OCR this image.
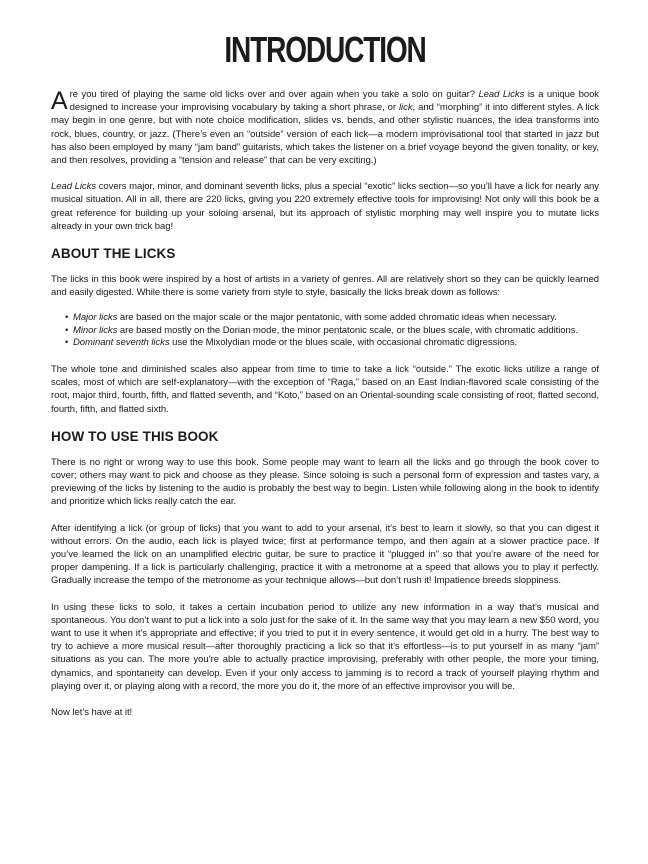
INTRODUCTION

Are you tired of playing the same old licks over and over again when you take a solo on guitar? Lead Licks is a unique book designed to increase your improvising vocabulary by taking a short phrase, or lick, and “morphing” it into different styles. A lick may begin in one genre, but with note choice modification, slides vs. bends, and other stylistic nuances, the idea transforms into rock, blues, country, or jazz. (There’s even an “outside” version of each lick—a modern improvisational tool that started in jazz but has also been employed by many “jam band” guitarists, which takes the listener on a brief voyage beyond the given tonality, or key, and then resolves, providing a “tension and release” that can be very exciting.)

Lead Licks covers major, minor, and dominant seventh licks, plus a special “exotic” licks section—so you’ll have a lick for nearly any musical situation. All in all, there are 220 licks, giving you 220 extremely effective tools for improvising! Not only will this book be a great reference for building up your soloing arsenal, but its approach of stylistic morphing may well inspire you to mutate licks already in your own trick bag!

ABOUT THE LICKS

The licks in this book were inspired by a host of artists in a variety of genres. All are relatively short so they can be quickly learned and easily digested. While there is some variety from style to style, basically the licks break down as follows:

• Major licks are based on the major scale or the major pentatonic, with some added chromatic ideas when necessary.
• Minor licks are based mostly on the Dorian mode, the minor pentatonic scale, or the blues scale, with chromatic additions.
• Dominant seventh licks use the Mixolydian mode or the blues scale, with occasional chromatic digressions.

The whole tone and diminished scales also appear from time to time to take a lick “outside.” The exotic licks utilize a range of scales, most of which are self-explanatory—with the exception of “Raga,” based on an East Indian-flavored scale consisting of the root, major third, fourth, fifth, and flatted seventh, and “Koto,” based on an Oriental-sounding scale consisting of root, flatted second, fourth, fifth, and flatted sixth.

HOW TO USE THIS BOOK

There is no right or wrong way to use this book. Some people may want to learn all the licks and go through the book cover to cover; others may want to pick and choose as they please. Since soloing is such a personal form of expression and tastes vary, a previewing of the licks by listening to the audio is probably the best way to begin. Listen while following along in the book to identify and prioritize which licks really catch the ear.

After identifying a lick (or group of licks) that you want to add to your arsenal, it’s best to learn it slowly, so that you can digest it without errors. On the audio, each lick is played twice; first at performance tempo, and then again at a slower practice pace. If you’ve learned the lick on an unamplified electric guitar, be sure to practice it “plugged in” so that you’re aware of the need for proper dampening. If a lick is particularly challenging, practice it with a metronome at a speed that allows you to play it perfectly. Gradually increase the tempo of the metronome as your technique allows—but don’t rush it! Impatience breeds sloppiness.

In using these licks to solo, it takes a certain incubation period to utilize any new information in a way that’s musical and spontaneous. You don’t want to put a lick into a solo just for the sake of it. In the same way that you may learn a new $50 word, you want to use it when it’s appropriate and effective; if you tried to put it in every sentence, it would get old in a hurry. The best way to try to achieve a more musical result—after thoroughly practicing a lick so that it’s effortless—is to put yourself in as many “jam” situations as you can. The more you’re able to actually practice improvising, preferably with other people, the more your timing, dynamics, and spontaneity can develop. Even if your only access to jamming is to record a track of yourself playing rhythm and playing over it, or playing along with a record, the more you do it, the more of an effective improvisor you will be.

Now let’s have at it!
